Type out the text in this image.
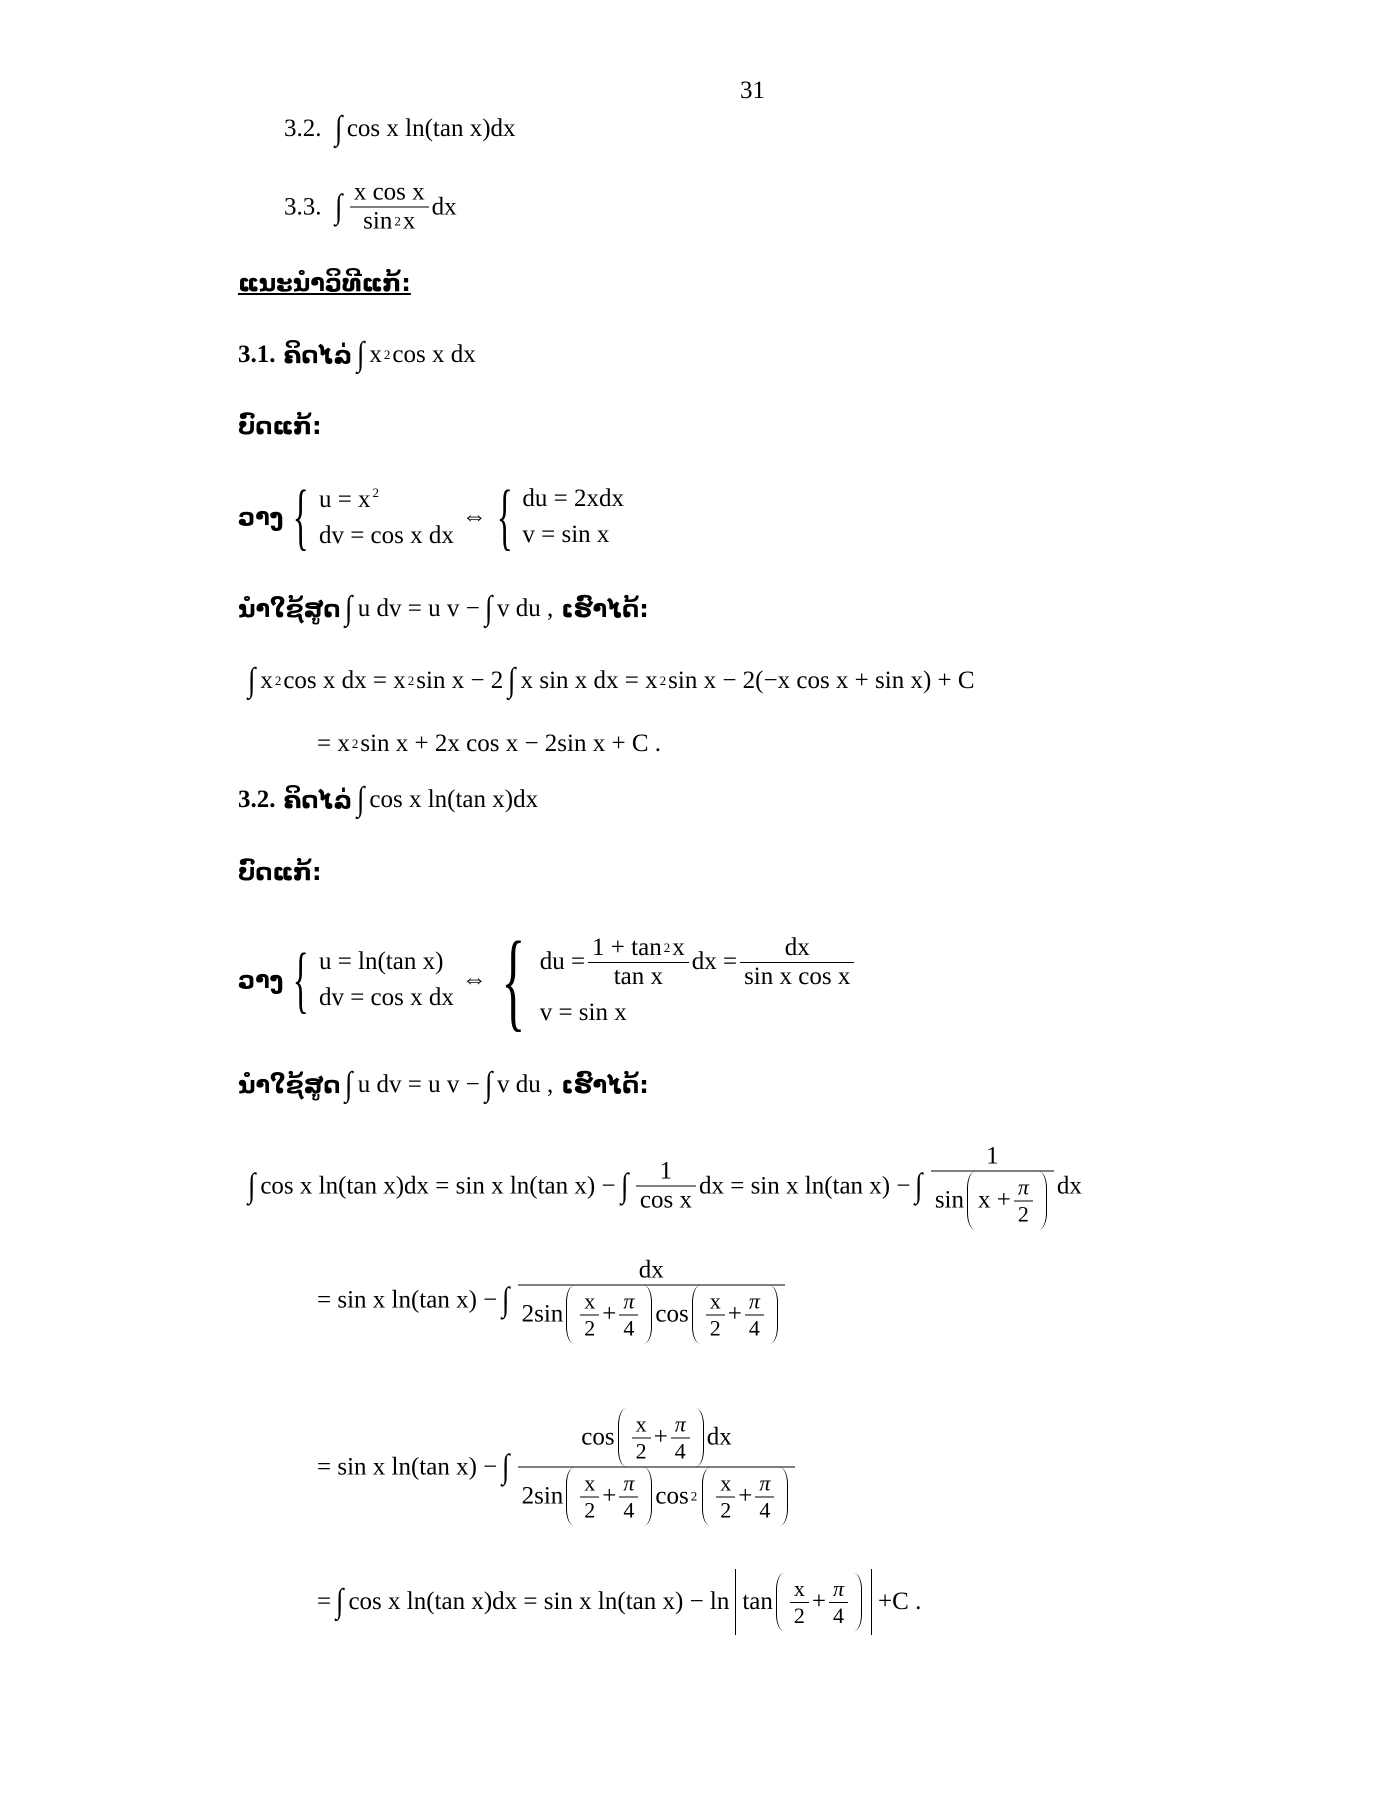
31
3.2. ∫ cos x ln(tan x)dx
3.3. ∫ $\frac{\text{x cos x}}{\sin 2 x}$ dx
ແນະນຳວິທີແກ້:
3.1. ຄິດໄລ່ ∫ x 2 cos x dx
ບົດແກ້:
ວາງ { u = x $^2$
dv = cos x dx
⇔ { du = 2xdx
v = sin x
ນຳໃຊ້ສູດ ∫ u dv = u v − ∫ v du , ເຮົາໄດ້:
∫ x 2 cos x dx = x 2 sin x − 2 ∫ x sin x dx = x 2 sin x − 2(−x cos x + sin x) + C
= x 2 sin x + 2x cos x − 2sin x + C .
3.2. ຄິດໄລ່ ∫ cos x ln(tan x)dx
ບົດແກ້:
ວາງ { u = ln(tan x)
dv = cos x dx
⇔ { du = $\frac{1 + \tan 2 x}{\text{tan x}}$ dx = $\frac{dx}{\text{sin x cos x}}$
v = sin x
ນຳໃຊ້ສູດ ∫ u dv = u v − ∫ v du , ເຮົາໄດ້:
∫ cos x ln(tan x)dx = sin x ln(tan x) − ∫ $\frac{1}{\text{cos x}}$ dx = sin x ln(tan x) − ∫ $\frac{1}{\sin x + \frac{\pi}{2}}$ dx
= sin x ln(tan x) − ∫ $\frac{dx}{2\sin \frac{x}{2} + \frac{\pi}{4} \cos \frac{x}{2} + \frac{\pi}{4}}$
= sin x ln(tan x) − ∫ $\frac{\cos \frac{x}{2} + \frac{\pi}{4} dx}{2\sin \frac{x}{2} + \frac{\pi}{4} \cos 2 \frac{x}{2} + \frac{\pi}{4}}$
= ∫ cos x ln(tan x)dx = sin x ln(tan $x) - \ln \tan \frac{x}{2} + \frac{\pi}{4} + C$ .
